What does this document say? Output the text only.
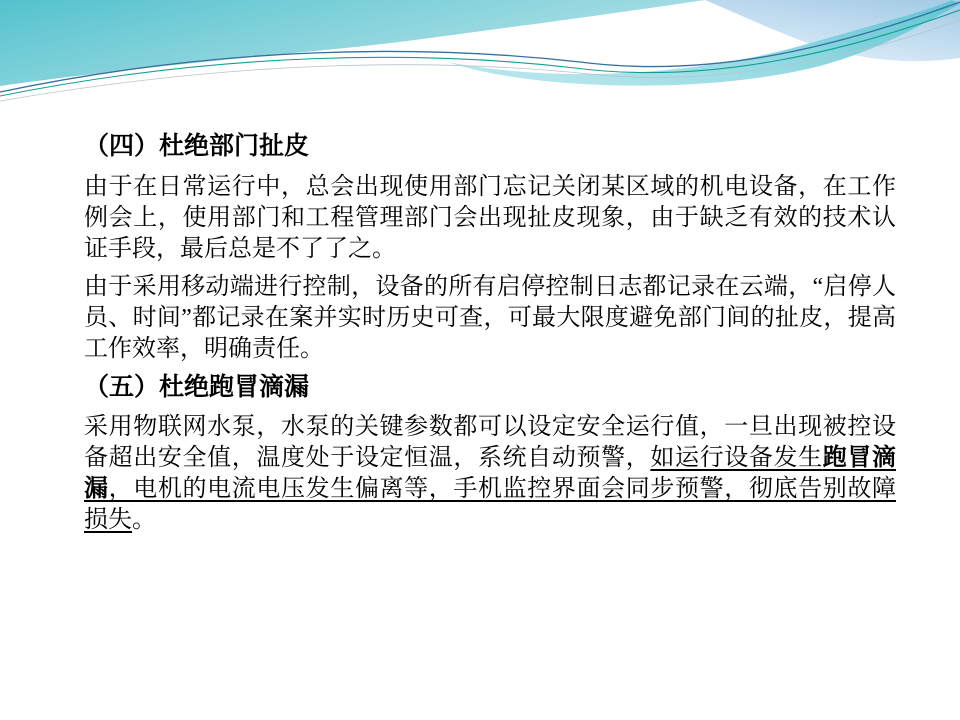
（四）杜绝部门扯皮

由于在日常运行中，总会出现使用部门忘记关闭某区域的机电设备，在工作例会上，使用部门和工程管理部门会出现扯皮现象，由于缺乏有效的技术认证手段，最后总是不了了之。

由于采用移动端进行控制，设备的所有启停控制日志都记录在云端，“启停人员、时间”都记录在案并实时历史可查，可最大限度避免部门间的扯皮，提高工作效率，明确责任。

（五）杜绝跑冒滴漏

采用物联网水泵，水泵的关键参数都可以设定安全运行值，一旦出现被控设备超出安全值，温度处于设定恒温，系统自动预警，如运行设备发生跑冒滴漏，电机的电流电压发生偏离等，手机监控界面会同步预警，彻底告别故障损失。
